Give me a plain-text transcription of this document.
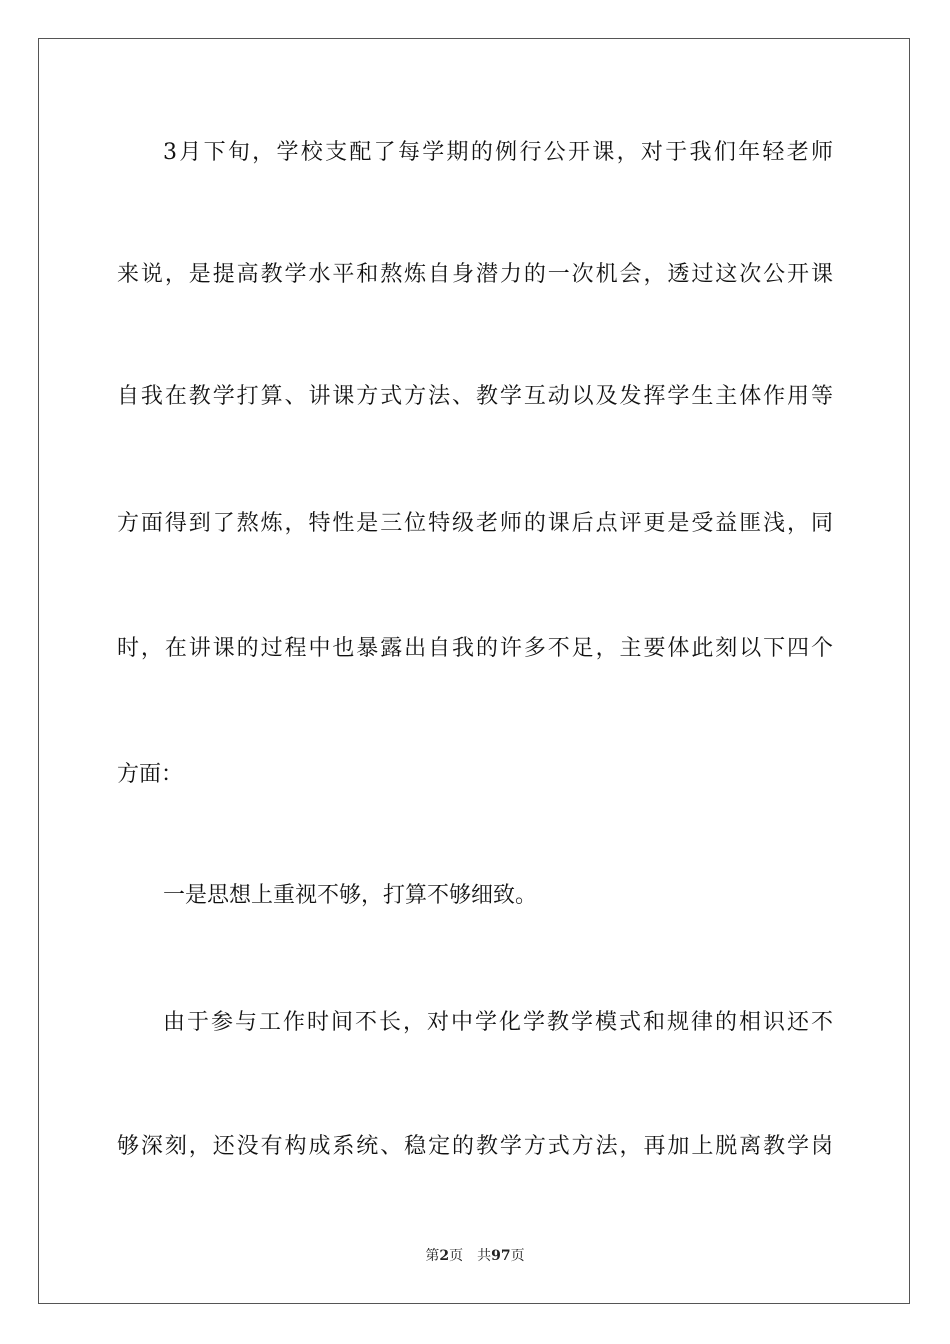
3月下旬，学校支配了每学期的例行公开课，对于我们年轻老师
来说，是提高教学水平和熬炼自身潜力的一次机会，透过这次公开课
自我在教学打算、讲课方式方法、教学互动以及发挥学生主体作用等
方面得到了熬炼，特性是三位特级老师的课后点评更是受益匪浅，同
时，在讲课的过程中也暴露出自我的许多不足，主要体此刻以下四个
方面：
一是思想上重视不够，打算不够细致。
由于参与工作时间不长，对中学化学教学模式和规律的相识还不
够深刻，还没有构成系统、稳定的教学方式方法，再加上脱离教学岗
第2页 共97页
